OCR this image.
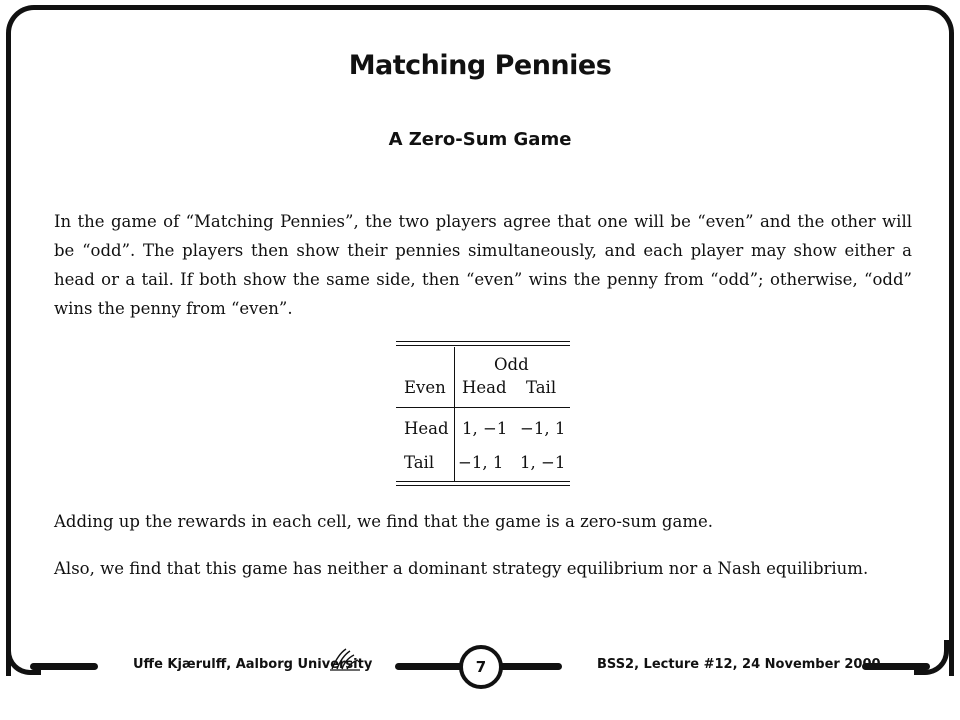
Matching Pennies
A Zero-Sum Game
In the game of “Matching Pennies”, the two players agree that one will be “even” and the other will be “odd”. The players then show their pennies simultaneously, and each player may show either a head or a tail. If both show the same side, then “even” wins the penny from “odd”; otherwise, “odd” wins the penny from “even”.
Odd
Even Head Tail
Head 1, −1 −1, 1
Tail −1, 1 1, −1
Adding up the rewards in each cell, we find that the game is a zero-sum game.
Also, we find that this game has neither a dominant strategy equilibrium nor a Nash equilibrium.
Uffe Kjærulff, Aalborg University	7	BSS2, Lecture #12, 24 November 2000
